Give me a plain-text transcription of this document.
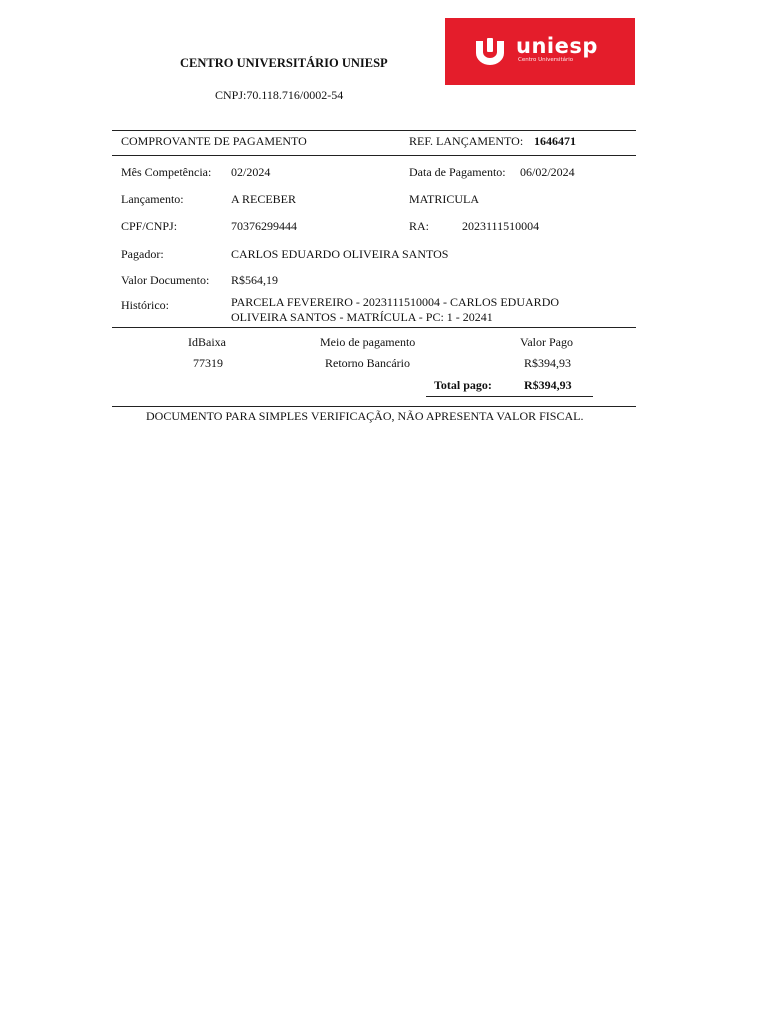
CENTRO UNIVERSITÁRIO UNIESP
CNPJ:70.118.716/0002-54
uniesp
Centro Universitário
COMPROVANTE DE PAGAMENTO	REF. LANÇAMENTO: 1646471
Mês Competência: 02/2024	Data de Pagamento: 06/02/2024
Lançamento:	A RECEBER	MATRICULA
CPF/CNPJ:	70376299444	RA:	2023111510004
Pagador:	CARLOS EDUARDO OLIVEIRA SANTOS
Valor Documento: R$564,19
Histórico:	PARCELA FEVEREIRO - 2023111510004 - CARLOS EDUARDO OLIVEIRA SANTOS - MATRÍCULA - PC: 1 - 20241
IdBaixa	Meio de pagamento	Valor Pago
77319	Retorno Bancário	R$394,93
Total pago:	R$394,93
DOCUMENTO PARA SIMPLES VERIFICAÇÃO, NÃO APRESENTA VALOR FISCAL.
